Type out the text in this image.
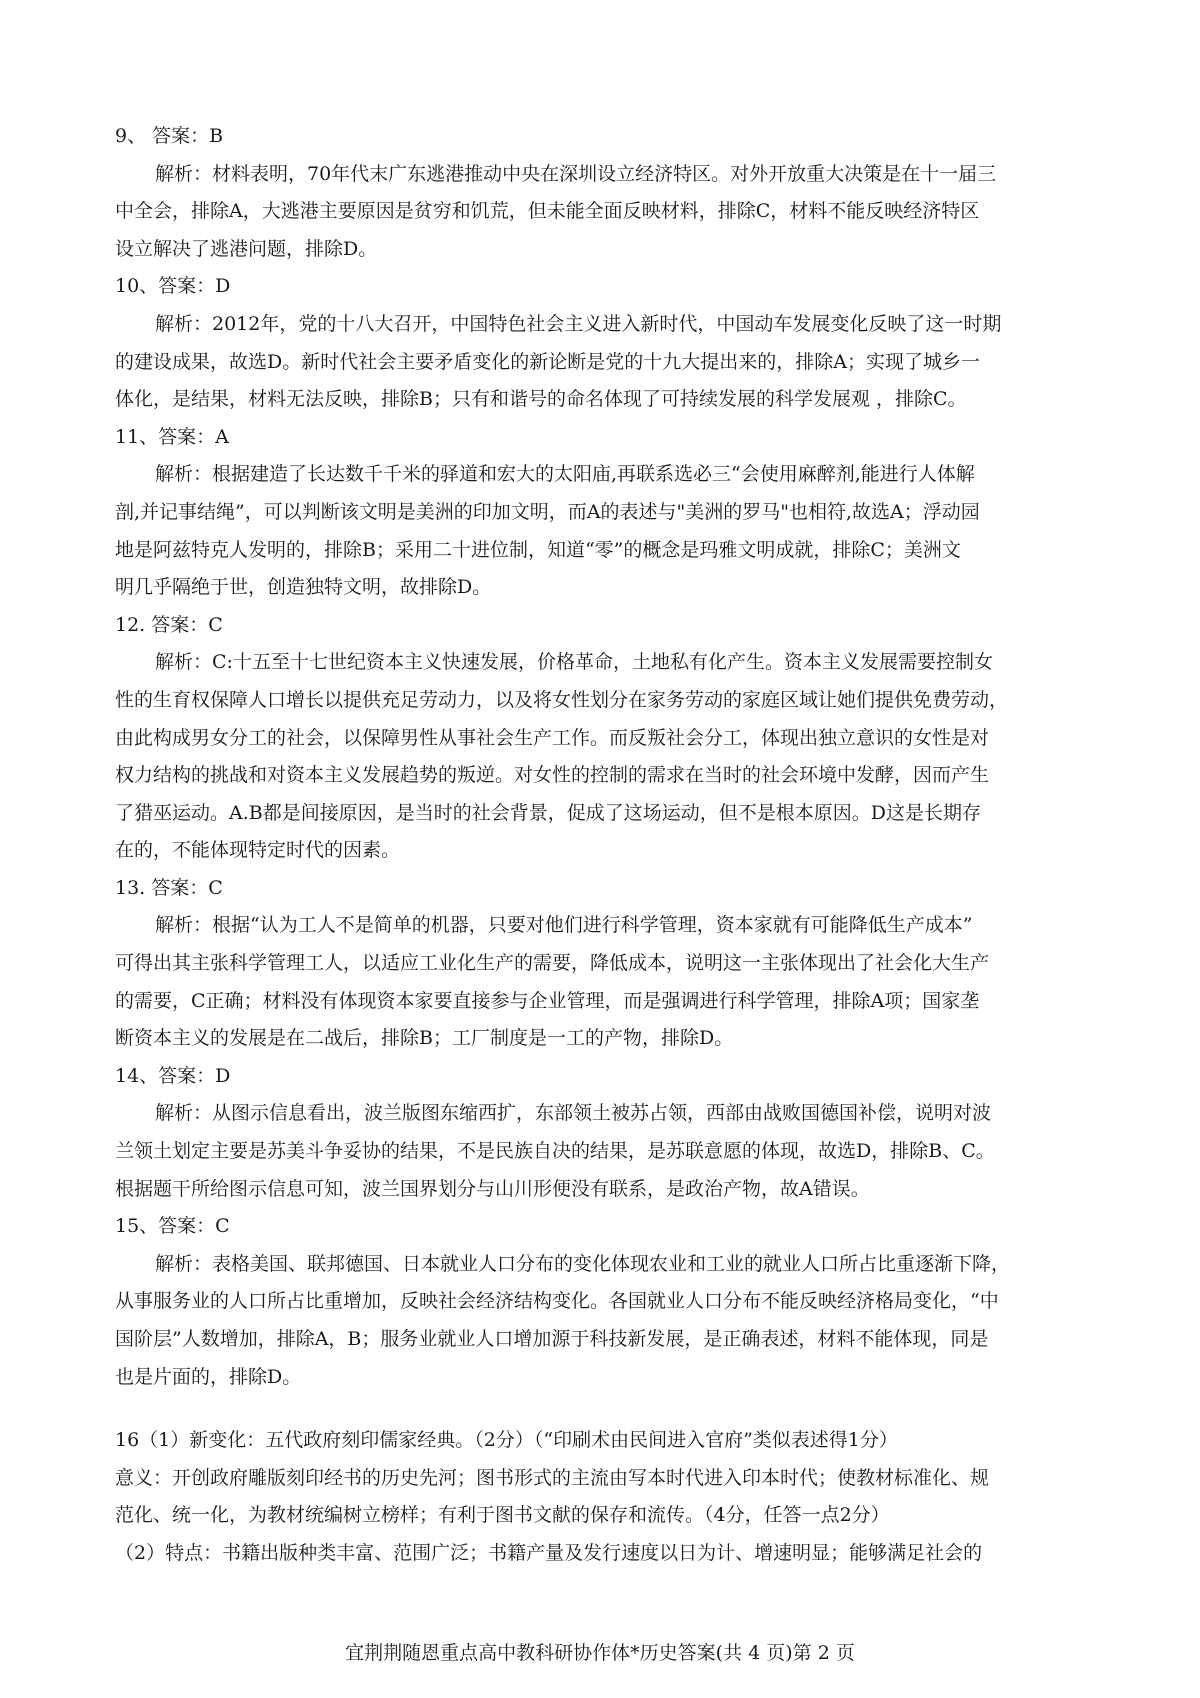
9、 答案：B

解析：材料表明，70年代末广东逃港推动中央在深圳设立经济特区。对外开放重大决策是在十一届三

中全会，排除A，大逃港主要原因是贫穷和饥荒，但未能全面反映材料，排除C，材料不能反映经济特区

设立解决了逃港问题，排除D。

10、答案：D

解析：2012年，党的十八大召开，中国特色社会主义进入新时代，中国动车发展变化反映了这一时期

的建设成果，故选D。新时代社会主要矛盾变化的新论断是党的十九大提出来的，排除A；实现了城乡一

体化，是结果，材料无法反映，排除B；只有和谐号的命名体现了可持续发展的科学发展观 ，排除C。

11、答案：A

解析：根据建造了长达数千千米的驿道和宏大的太阳庙,再联系选必三“会使用麻醉剂,能进行人体解

剖,并记事结绳”，可以判断该文明是美洲的印加文明，而A的表述与"美洲的罗马"也相符,故选A；浮动园

地是阿兹特克人发明的，排除B；采用二十进位制，知道“零”的概念是玛雅文明成就，排除C；美洲文

明几乎隔绝于世，创造独特文明，故排除D。

12. 答案：C

解析：C:十五至十七世纪资本主义快速发展，价格革命，土地私有化产生。资本主义发展需要控制女

性的生育权保障人口增长以提供充足劳动力，以及将女性划分在家务劳动的家庭区域让她们提供免费劳动，

由此构成男女分工的社会，以保障男性从事社会生产工作。而反叛社会分工，体现出独立意识的女性是对

权力结构的挑战和对资本主义发展趋势的叛逆。对女性的控制的需求在当时的社会环境中发酵，因而产生

了猎巫运动。A.B都是间接原因，是当时的社会背景，促成了这场运动，但不是根本原因。D这是长期存

在的，不能体现特定时代的因素。

13. 答案：C

解析：根据“认为工人不是简单的机器，只要对他们进行科学管理，资本家就有可能降低生产成本”

可得出其主张科学管理工人，以适应工业化生产的需要，降低成本，说明这一主张体现出了社会化大生产

的需要，C正确；材料没有体现资本家要直接参与企业管理，而是强调进行科学管理，排除A项；国家垄

断资本主义的发展是在二战后，排除B；工厂制度是一工的产物，排除D。

14、答案：D

解析：从图示信息看出，波兰版图东缩西扩，东部领土被苏占领，西部由战败国德国补偿，说明对波

兰领土划定主要是苏美斗争妥协的结果，不是民族自决的结果，是苏联意愿的体现，故选D，排除B、C。

根据题干所给图示信息可知，波兰国界划分与山川形便没有联系，是政治产物，故A错误。

15、答案：C

解析：表格美国、联邦德国、日本就业人口分布的变化体现农业和工业的就业人口所占比重逐渐下降，

从事服务业的人口所占比重增加，反映社会经济结构变化。各国就业人口分布不能反映经济格局变化，“中

国阶层”人数增加，排除A，B；服务业就业人口增加源于科技新发展，是正确表述，材料不能体现，同是

也是片面的，排除D。

16（1）新变化：五代政府刻印儒家经典。（2分）（“印刷术由民间进入官府”类似表述得1分）

意义：开创政府雕版刻印经书的历史先河；图书形式的主流由写本时代进入印本时代；使教材标准化、规

范化、统一化，为教材统编树立榜样；有利于图书文献的保存和流传。（4分，任答一点2分）

（2）特点：书籍出版种类丰富、范围广泛；书籍产量及发行速度以日为计、增速明显；能够满足社会的

宜荆荆随恩重点高中教科研协作体*历史答案(共 4 页)第 2 页
